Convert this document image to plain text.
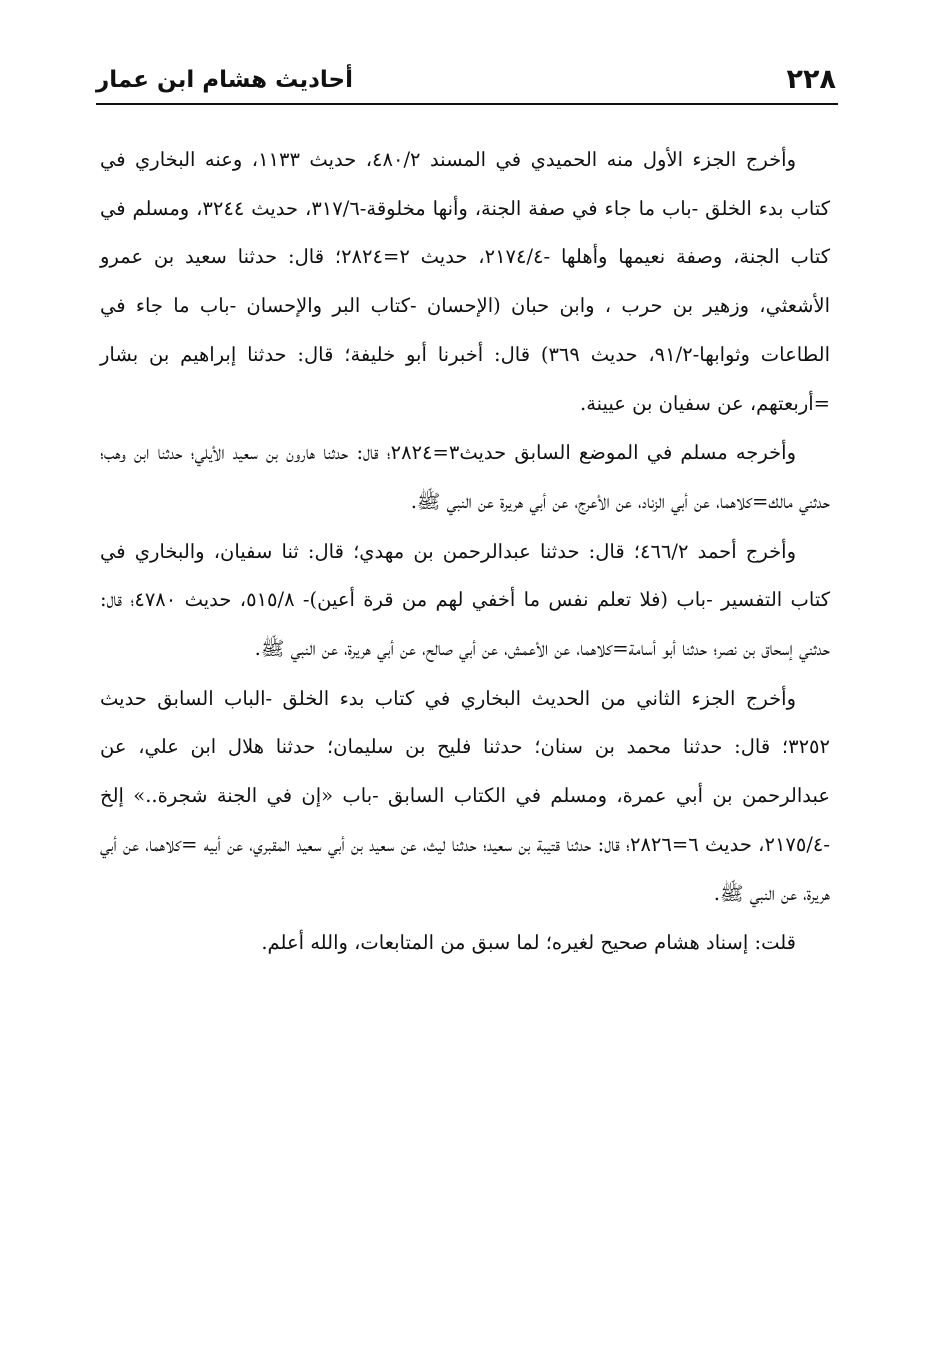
٢٢٨
أحاديث هشام ابن عمار

وأخرج الجزء الأول منه الحميدي في المسند ٤٨٠/٢، حديث ١١٣٣، وعنه البخاري في كتاب بدء الخلق -باب ما جاء في صفة الجنة، وأنها مخلوقة-٣١٧/٦، حديث ٣٢٤٤، ومسلم في كتاب الجنة، وصفة نعيمها وأهلها -٢١٧٤/٤، حديث ٢=٢٨٢٤؛ قال: حدثنا سعيد بن عمرو الأشعثي، وزهير بن حرب ، وابن حبان (الإحسان -كتاب البر والإحسان -باب ما جاء في الطاعات وثوابها-٩١/٢، حديث ٣٦٩) قال: أخبرنا أبو خليفة؛ قال: حدثنا إبراهيم بن بشار =أربعتهم، عن سفيان بن عيينة.

وأخرجه مسلم في الموضع السابق حديث٣=٢٨٢٤؛ قال: حدثنا هارون بن سعيد الأيلي؛ حدثنا ابن وهب؛ حدثني مالك=كلاهما، عن أبي الزناد، عن الأعرج، عن أبي هريرة عن النبي ﷺ.

وأخرج أحمد ٤٦٦/٢؛ قال: حدثنا عبدالرحمن بن مهدي؛ قال: ثنا سفيان، والبخاري في كتاب التفسير -باب (فلا تعلم نفس ما أخفي لهم من قرة أعين)- ٥١٥/٨، حديث ٤٧٨٠؛ قال: حدثني إسحاق بن نصر؛ حدثنا أبو أسامة=كلاهما، عن الأعمش، عن أبي صالح، عن أبي هريرة، عن النبي ﷺ.

وأخرج الجزء الثاني من الحديث البخاري في كتاب بدء الخلق -الباب السابق حديث ٣٢٥٢؛ قال: حدثنا محمد بن سنان؛ حدثنا فليح بن سليمان؛ حدثنا هلال ابن علي، عن عبدالرحمن بن أبي عمرة، ومسلم في الكتاب السابق -باب «إن في الجنة شجرة..» إلخ -٢١٧٥/٤، حديث ٦=٢٨٢٦؛ قال: حدثنا قتيبة بن سعيد؛ حدثنا ليث، عن سعيد بن أبي سعيد المقبري، عن أبيه =كلاهما، عن أبي هريرة، عن النبي ﷺ.

قلت: إسناد هشام صحيح لغيره؛ لما سبق من المتابعات، والله أعلم.
